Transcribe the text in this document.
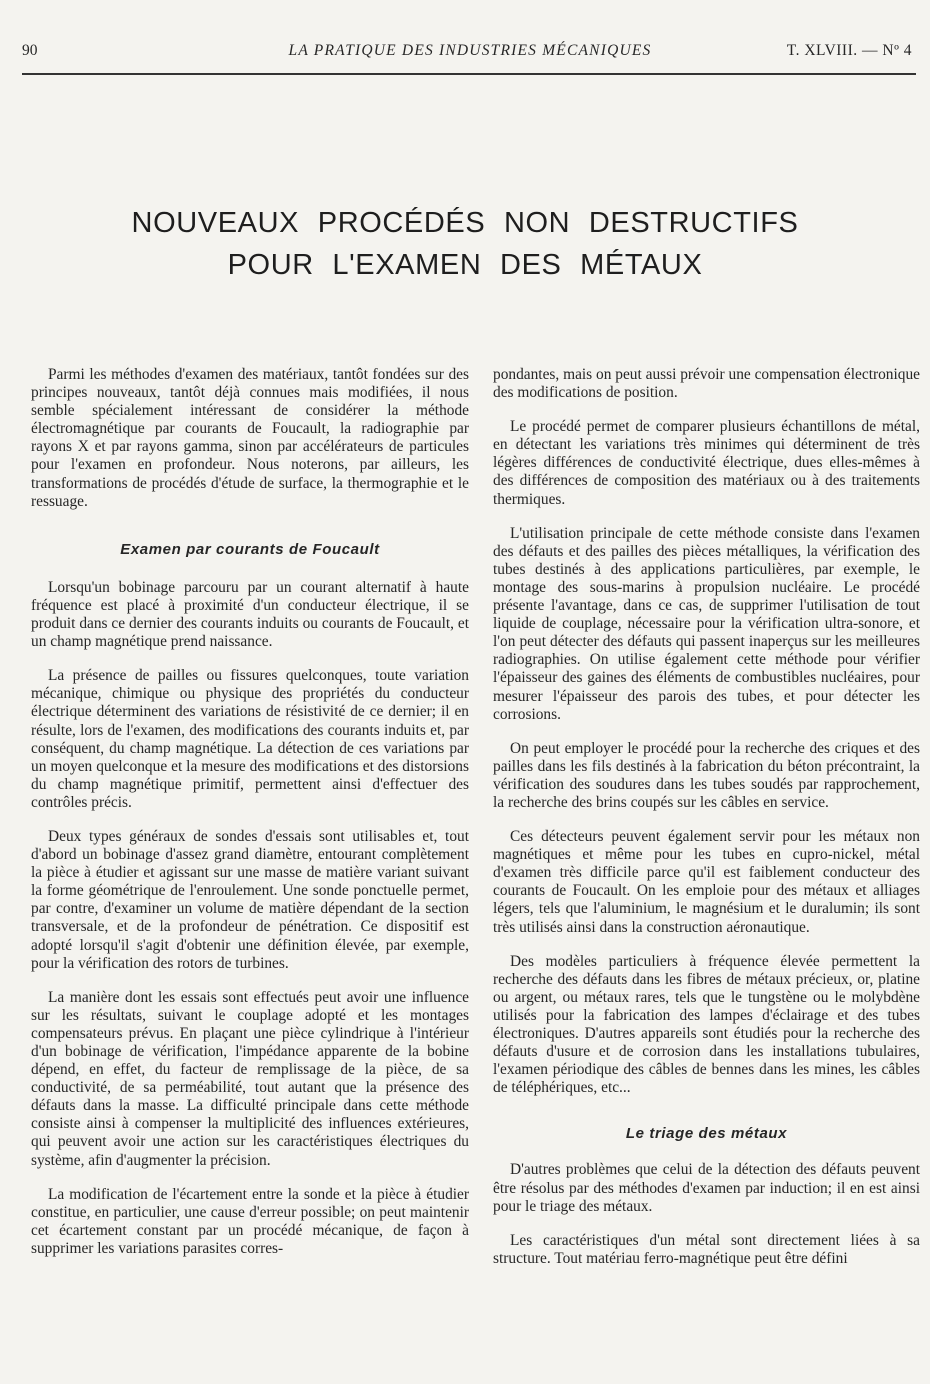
90	LA PRATIQUE DES INDUSTRIES MÉCANIQUES	T. XLVIII. — Nº 4
NOUVEAUX PROCÉDÉS NON DESTRUCTIFS
POUR L'EXAMEN DES MÉTAUX

Parmi les méthodes d'examen des matériaux, tantôt fondées sur des principes nouveaux, tantôt déjà connues mais modifiées, il nous semble spécialement intéressant de considérer la méthode électromagnétique par courants de Foucault, la radiographie par rayons X et par rayons gamma, sinon par accélérateurs de particules pour l'examen en profondeur. Nous noterons, par ailleurs, les transformations de procédés d'étude de surface, la thermographie et le ressuage.

Examen par courants de Foucault

Lorsqu'un bobinage parcouru par un courant alternatif à haute fréquence est placé à proximité d'un conducteur électrique, il se produit dans ce dernier des courants induits ou courants de Foucault, et un champ magnétique prend naissance.

La présence de pailles ou fissures quelconques, toute variation mécanique, chimique ou physique des propriétés du conducteur électrique déterminent des variations de résistivité de ce dernier; il en résulte, lors de l'examen, des modifications des courants induits et, par conséquent, du champ magnétique. La détection de ces variations par un moyen quelconque et la mesure des modifications et des distorsions du champ magnétique primitif, permettent ainsi d'effectuer des contrôles précis.

Deux types généraux de sondes d'essais sont utilisables et, tout d'abord un bobinage d'assez grand diamètre, entourant complètement la pièce à étudier et agissant sur une masse de matière variant suivant la forme géométrique de l'enroulement. Une sonde ponctuelle permet, par contre, d'examiner un volume de matière dépendant de la section transversale, et de la profondeur de pénétration. Ce dispositif est adopté lorsqu'il s'agit d'obtenir une définition élevée, par exemple, pour la vérification des rotors de turbines.

La manière dont les essais sont effectués peut avoir une influence sur les résultats, suivant le couplage adopté et les montages compensateurs prévus. En plaçant une pièce cylindrique à l'intérieur d'un bobinage de vérification, l'impédance apparente de la bobine dépend, en effet, du facteur de remplissage de la pièce, de sa conductivité, de sa perméabilité, tout autant que la présence des défauts dans la masse. La difficulté principale dans cette méthode consiste ainsi à compenser la multiplicité des influences extérieures, qui peuvent avoir une action sur les caractéristiques électriques du système, afin d'augmenter la précision.

La modification de l'écartement entre la sonde et la pièce à étudier constitue, en particulier, une cause d'erreur possible; on peut maintenir cet écartement constant par un procédé mécanique, de façon à supprimer les variations parasites corres-

pondantes, mais on peut aussi prévoir une compensation électronique des modifications de position.

Le procédé permet de comparer plusieurs échantillons de métal, en détectant les variations très minimes qui déterminent de très légères différences de conductivité électrique, dues elles-mêmes à des différences de composition des matériaux ou à des traitements thermiques.

L'utilisation principale de cette méthode consiste dans l'examen des défauts et des pailles des pièces métalliques, la vérification des tubes destinés à des applications particulières, par exemple, le montage des sous-marins à propulsion nucléaire. Le procédé présente l'avantage, dans ce cas, de supprimer l'utilisation de tout liquide de couplage, nécessaire pour la vérification ultra-sonore, et l'on peut détecter des défauts qui passent inaperçus sur les meilleures radiographies. On utilise également cette méthode pour vérifier l'épaisseur des gaines des éléments de combustibles nucléaires, pour mesurer l'épaisseur des parois des tubes, et pour détecter les corrosions.

On peut employer le procédé pour la recherche des criques et des pailles dans les fils destinés à la fabrication du béton précontraint, la vérification des soudures dans les tubes soudés par rapprochement, la recherche des brins coupés sur les câbles en service.

Ces détecteurs peuvent également servir pour les métaux non magnétiques et même pour les tubes en cupro-nickel, métal d'examen très difficile parce qu'il est faiblement conducteur des courants de Foucault. On les emploie pour des métaux et alliages légers, tels que l'aluminium, le magnésium et le duralumin; ils sont très utilisés ainsi dans la construction aéronautique.

Des modèles particuliers à fréquence élevée permettent la recherche des défauts dans les fibres de métaux précieux, or, platine ou argent, ou métaux rares, tels que le tungstène ou le molybdène utilisés pour la fabrication des lampes d'éclairage et des tubes électroniques. D'autres appareils sont étudiés pour la recherche des défauts d'usure et de corrosion dans les installations tubulaires, l'examen périodique des câbles de bennes dans les mines, les câbles de téléphériques, etc...

Le triage des métaux

D'autres problèmes que celui de la détection des défauts peuvent être résolus par des méthodes d'examen par induction; il en est ainsi pour le triage des métaux.

Les caractéristiques d'un métal sont directement liées à sa structure. Tout matériau ferro-magnétique peut être défini
